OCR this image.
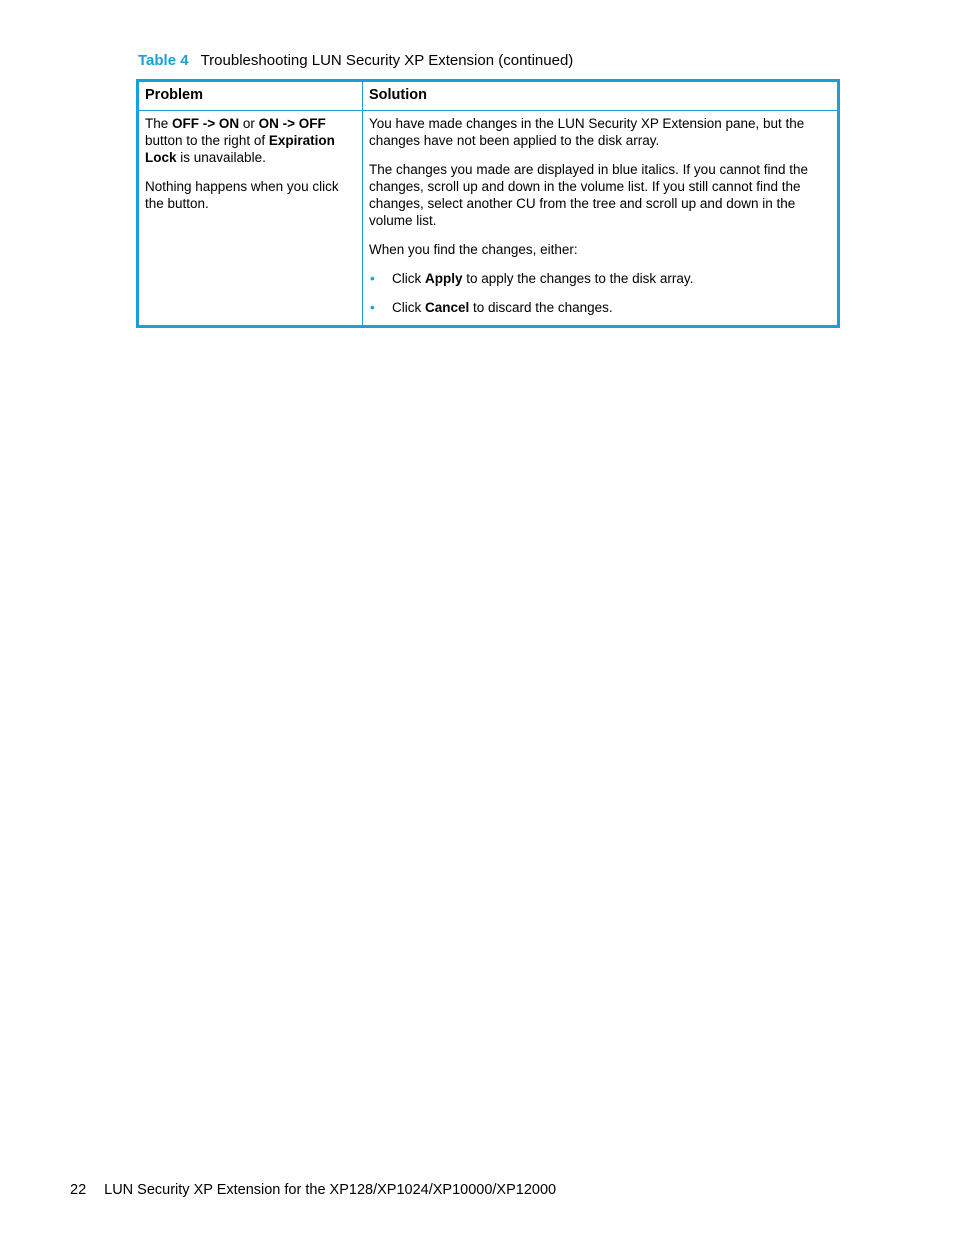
Table 4 Troubleshooting LUN Security XP Extension (continued)
Problem	Solution

The OFF -> ON or ON -> OFF button to the right of Expiration Lock is unavailable.

Nothing happens when you click the button.

You have made changes in the LUN Security XP Extension pane, but the changes have not been applied to the disk array.

The changes you made are displayed in blue italics. If you cannot find the changes, scroll up and down in the volume list. If you still cannot find the changes, select another CU from the tree and scroll up and down in the volume list.

When you find the changes, either:

• Click Apply to apply the changes to the disk array.
• Click Cancel to discard the changes.
22 LUN Security XP Extension for the XP128/XP1024/XP10000/XP12000
